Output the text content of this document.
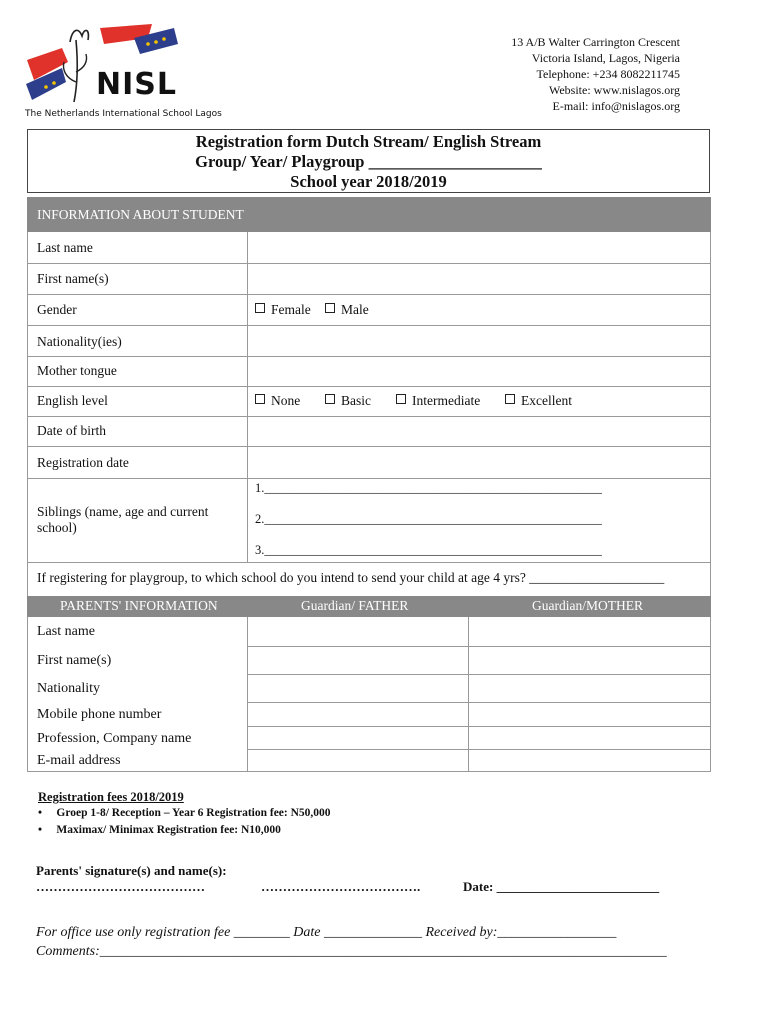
NISL
The Netherlands International School Lagos
13 A/B Walter Carrington Crescent
Victoria Island, Lagos, Nigeria
Telephone: +234 8082211745
Website: www.nislagos.org
E-mail: info@nislagos.org
Registration form Dutch Stream/ English Stream
Group/ Year/ Playgroup _____________________
School year 2018/2019
INFORMATION ABOUT STUDENT
Last name
First name(s)
Gender	Female	Male
Nationality(ies)
Mother tongue
English level	None	Basic	Intermediate	Excellent
Date of birth
Registration date
Siblings (name, age and current school)
1.______________________________________________________
2.______________________________________________________
3.______________________________________________________
If registering for playgroup, to which school do you intend to send your child at age 4 yrs? ____________________
PARENTS' INFORMATION	Guardian/ FATHER	Guardian/MOTHER
Last name
First name(s)
Nationality
Mobile phone number
Profession, Company name
E-mail address
Registration fees 2018/2019
•     Groep 1-8/ Reception – Year 6 Registration fee: N50,000
•     Maximax/ Minimax Registration fee: N10,000
Parents' signature(s) and name(s):
…………………………………	……………………………….	Date: _________________________
For office use only registration fee ________ Date ______________ Received by:_________________
Comments:_________________________________________________________________________________
